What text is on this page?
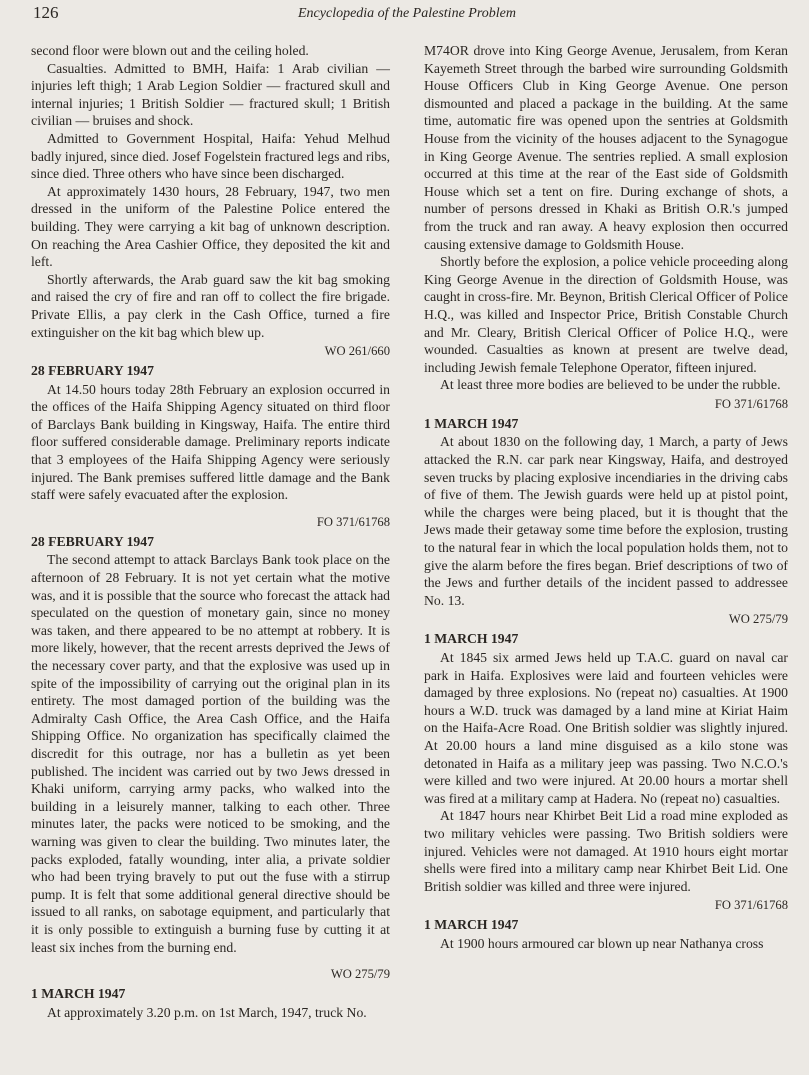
126	Encyclopedia of the Palestine Problem

second floor were blown out and the ceiling holed.

Casualties. Admitted to BMH, Haifa: 1 Arab civilian — injuries left thigh; 1 Arab Legion Soldier — fractured skull and internal injuries; 1 British Soldier — fractured skull; 1 British civilian — bruises and shock.

Admitted to Government Hospital, Haifa: Yehud Melhud badly injured, since died. Josef Fogelstein fractured legs and ribs, since died. Three others who have since been discharged.

At approximately 1430 hours, 28 February, 1947, two men dressed in the uniform of the Palestine Police entered the building. They were carrying a kit bag of unknown description. On reaching the Area Cashier Office, they deposited the kit and left.

Shortly afterwards, the Arab guard saw the kit bag smoking and raised the cry of fire and ran off to collect the fire brigade. Private Ellis, a pay clerk in the Cash Office, turned a fire extinguisher on the kit bag which blew up.

WO 261/660
28 FEBRUARY 1947

At 14.50 hours today 28th February an explosion occurred in the offices of the Haifa Shipping Agency situated on third floor of Barclays Bank building in Kingsway, Haifa. The entire third floor suffered considerable damage. Preliminary reports indicate that 3 employees of the Haifa Shipping Agency were seriously injured. The Bank premises suffered little damage and the Bank staff were safely evacuated after the explosion.

FO 371/61768
28 FEBRUARY 1947

The second attempt to attack Barclays Bank took place on the afternoon of 28 February. It is not yet certain what the motive was, and it is possible that the source who forecast the attack had speculated on the question of monetary gain, since no money was taken, and there appeared to be no attempt at robbery. It is more likely, however, that the recent arrests deprived the Jews of the necessary cover party, and that the explosive was used up in spite of the impossibility of carrying out the original plan in its entirety. The most damaged portion of the building was the Admiralty Cash Office, the Area Cash Office, and the Haifa Shipping Office. No organization has specifically claimed the discredit for this outrage, nor has a bulletin as yet been published. The incident was carried out by two Jews dressed in Khaki uniform, carrying army packs, who walked into the building in a leisurely manner, talking to each other. Three minutes later, the packs were noticed to be smoking, and the warning was given to clear the building. Two minutes later, the packs exploded, fatally wounding, inter alia, a private soldier who had been trying bravely to put out the fuse with a stirrup pump. It is felt that some additional general directive should be issued to all ranks, on sabotage equipment, and particularly that it is only possible to extinguish a burning fuse by cutting it at least six inches from the burning end.

WO 275/79
1 MARCH 1947

At approximately 3.20 p.m. on 1st March, 1947, truck No.

M74OR drove into King George Avenue, Jerusalem, from Keran Kayemeth Street through the barbed wire surrounding Goldsmith House Officers Club in King George Avenue. One person dismounted and placed a package in the building. At the same time, automatic fire was opened upon the sentries at Goldsmith House from the vicinity of the houses adjacent to the Synagogue in King George Avenue. The sentries replied. A small explosion occurred at this time at the rear of the East side of Goldsmith House which set a tent on fire. During exchange of shots, a number of persons dressed in Khaki as British O.R.'s jumped from the truck and ran away. A heavy explosion then occurred causing extensive damage to Goldsmith House.

Shortly before the explosion, a police vehicle proceeding along King George Avenue in the direction of Goldsmith House, was caught in cross-fire. Mr. Beynon, British Clerical Officer of Police H.Q., was killed and Inspector Price, British Constable Church and Mr. Cleary, British Clerical Officer of Police H.Q., were wounded. Casualties as known at present are twelve dead, including Jewish female Telephone Operator, fifteen injured.

At least three more bodies are believed to be under the rubble.

FO 371/61768
1 MARCH 1947

At about 1830 on the following day, 1 March, a party of Jews attacked the R.N. car park near Kingsway, Haifa, and destroyed seven trucks by placing explosive incendiaries in the driving cabs of five of them. The Jewish guards were held up at pistol point, while the charges were being placed, but it is thought that the Jews made their getaway some time before the explosion, trusting to the natural fear in which the local population holds them, not to give the alarm before the fires began. Brief descriptions of two of the Jews and further details of the incident passed to addressee No. 13.

WO 275/79
1 MARCH 1947

At 1845 six armed Jews held up T.A.C. guard on naval car park in Haifa. Explosives were laid and fourteen vehicles were damaged by three explosions. No (repeat no) casualties. At 1900 hours a W.D. truck was damaged by a land mine at Kiriat Haim on the Haifa-Acre Road. One British soldier was slightly injured. At 20.00 hours a land mine disguised as a kilo stone was detonated in Haifa as a military jeep was passing. Two N.C.O.'s were killed and two were injured. At 20.00 hours a mortar shell was fired at a military camp at Hadera. No (repeat no) casualties.

At 1847 hours near Khirbet Beit Lid a road mine exploded as two military vehicles were passing. Two British soldiers were injured. Vehicles were not damaged. At 1910 hours eight mortar shells were fired into a military camp near Khirbet Beit Lid. One British soldier was killed and three were injured.

FO 371/61768
1 MARCH 1947

At 1900 hours armoured car blown up near Nathanya cross
